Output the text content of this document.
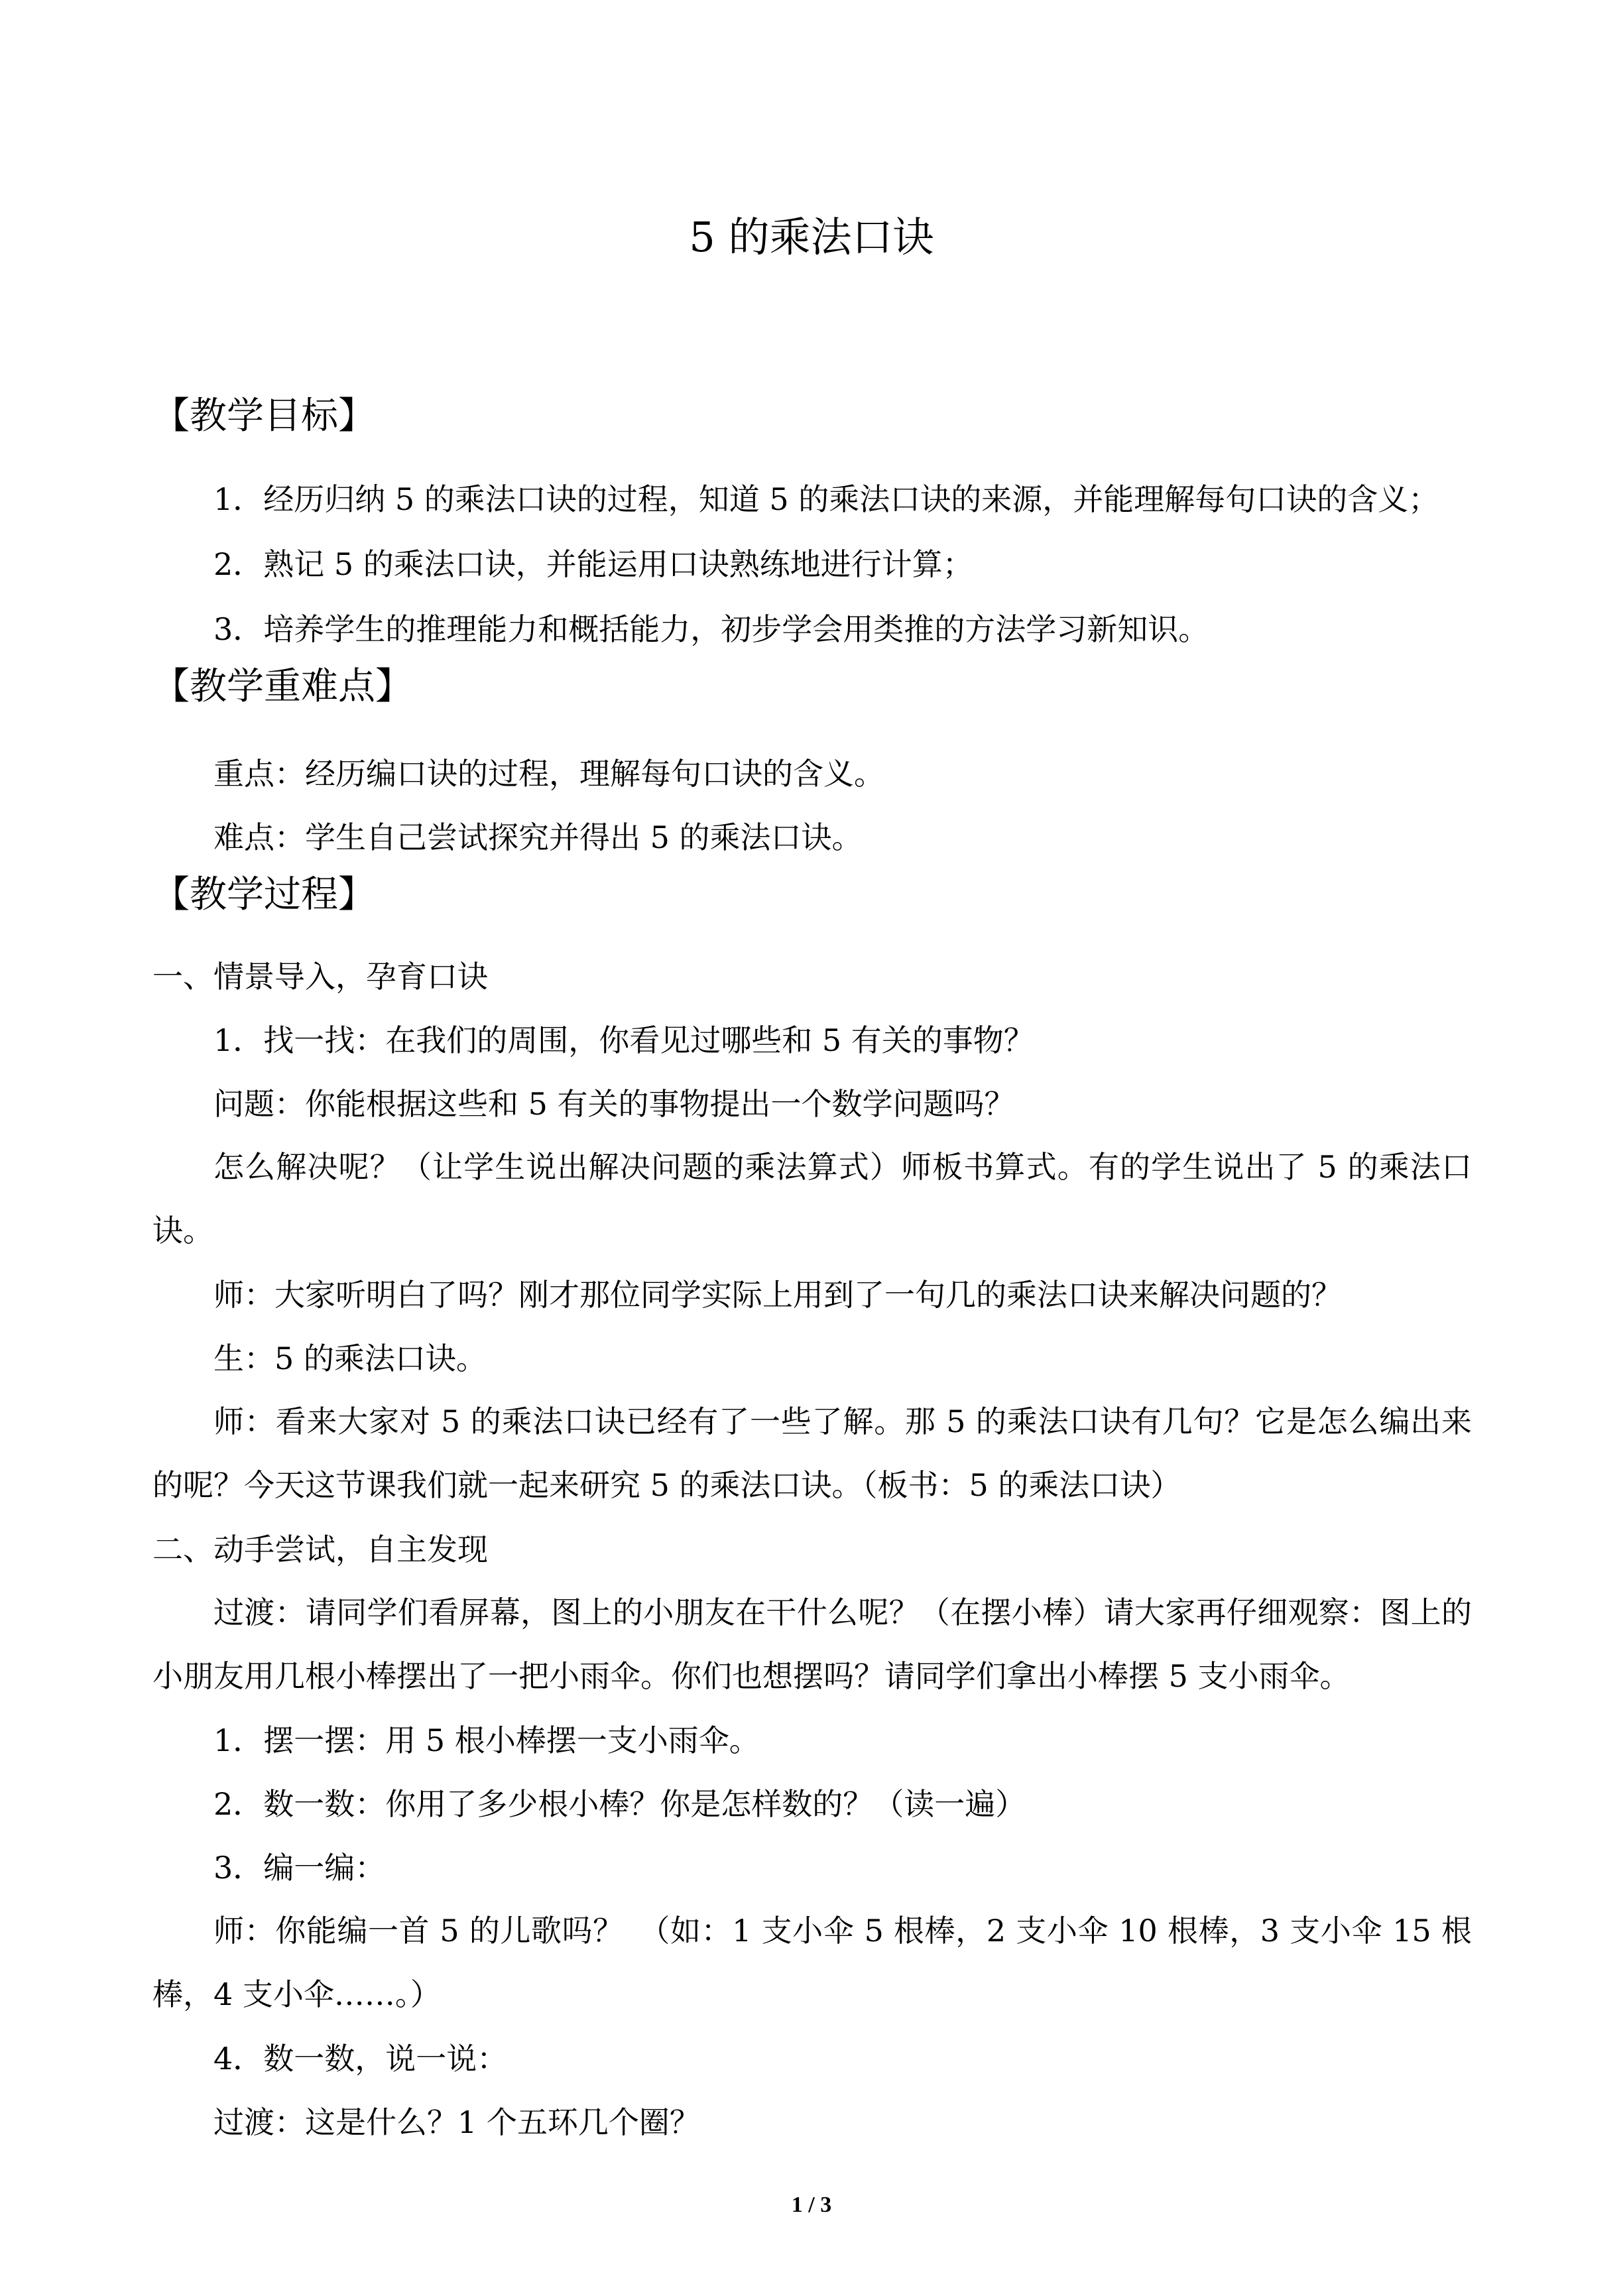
5 的乘法口诀
【教学目标】
1．经历归纳 5 的乘法口诀的过程，知道 5 的乘法口诀的来源，并能理解每句口诀的含义；
2．熟记 5 的乘法口诀，并能运用口诀熟练地进行计算；
3．培养学生的推理能力和概括能力，初步学会用类推的方法学习新知识。
【教学重难点】
重点：经历编口诀的过程，理解每句口诀的含义。
难点：学生自己尝试探究并得出 5 的乘法口诀。
【教学过程】
一、情景导入，孕育口诀
1．找一找：在我们的周围，你看见过哪些和 5 有关的事物？
问题：你能根据这些和 5 有关的事物提出一个数学问题吗？
怎么解决呢？（让学生说出解决问题的乘法算式）师板书算式。有的学生说出了 5 的乘法口诀。
师：大家听明白了吗？刚才那位同学实际上用到了一句几的乘法口诀来解决问题的？
生：5 的乘法口诀。
师：看来大家对 5 的乘法口诀已经有了一些了解。那 5 的乘法口诀有几句？它是怎么编出来的呢？今天这节课我们就一起来研究 5 的乘法口诀。（板书：5 的乘法口诀）
二、动手尝试，自主发现
过渡：请同学们看屏幕，图上的小朋友在干什么呢？（在摆小棒）请大家再仔细观察：图上的小朋友用几根小棒摆出了一把小雨伞。你们也想摆吗？请同学们拿出小棒摆 5 支小雨伞。
1．摆一摆：用 5 根小棒摆一支小雨伞。
2．数一数：你用了多少根小棒？你是怎样数的？（读一遍）
3．编一编：
师：你能编一首 5 的儿歌吗？　（如：1 支小伞 5 根棒，2 支小伞 10 根棒，3 支小伞 15 根棒，4 支小伞……。）
4．数一数，说一说：
过渡：这是什么？1 个五环几个圈？
1 / 3
